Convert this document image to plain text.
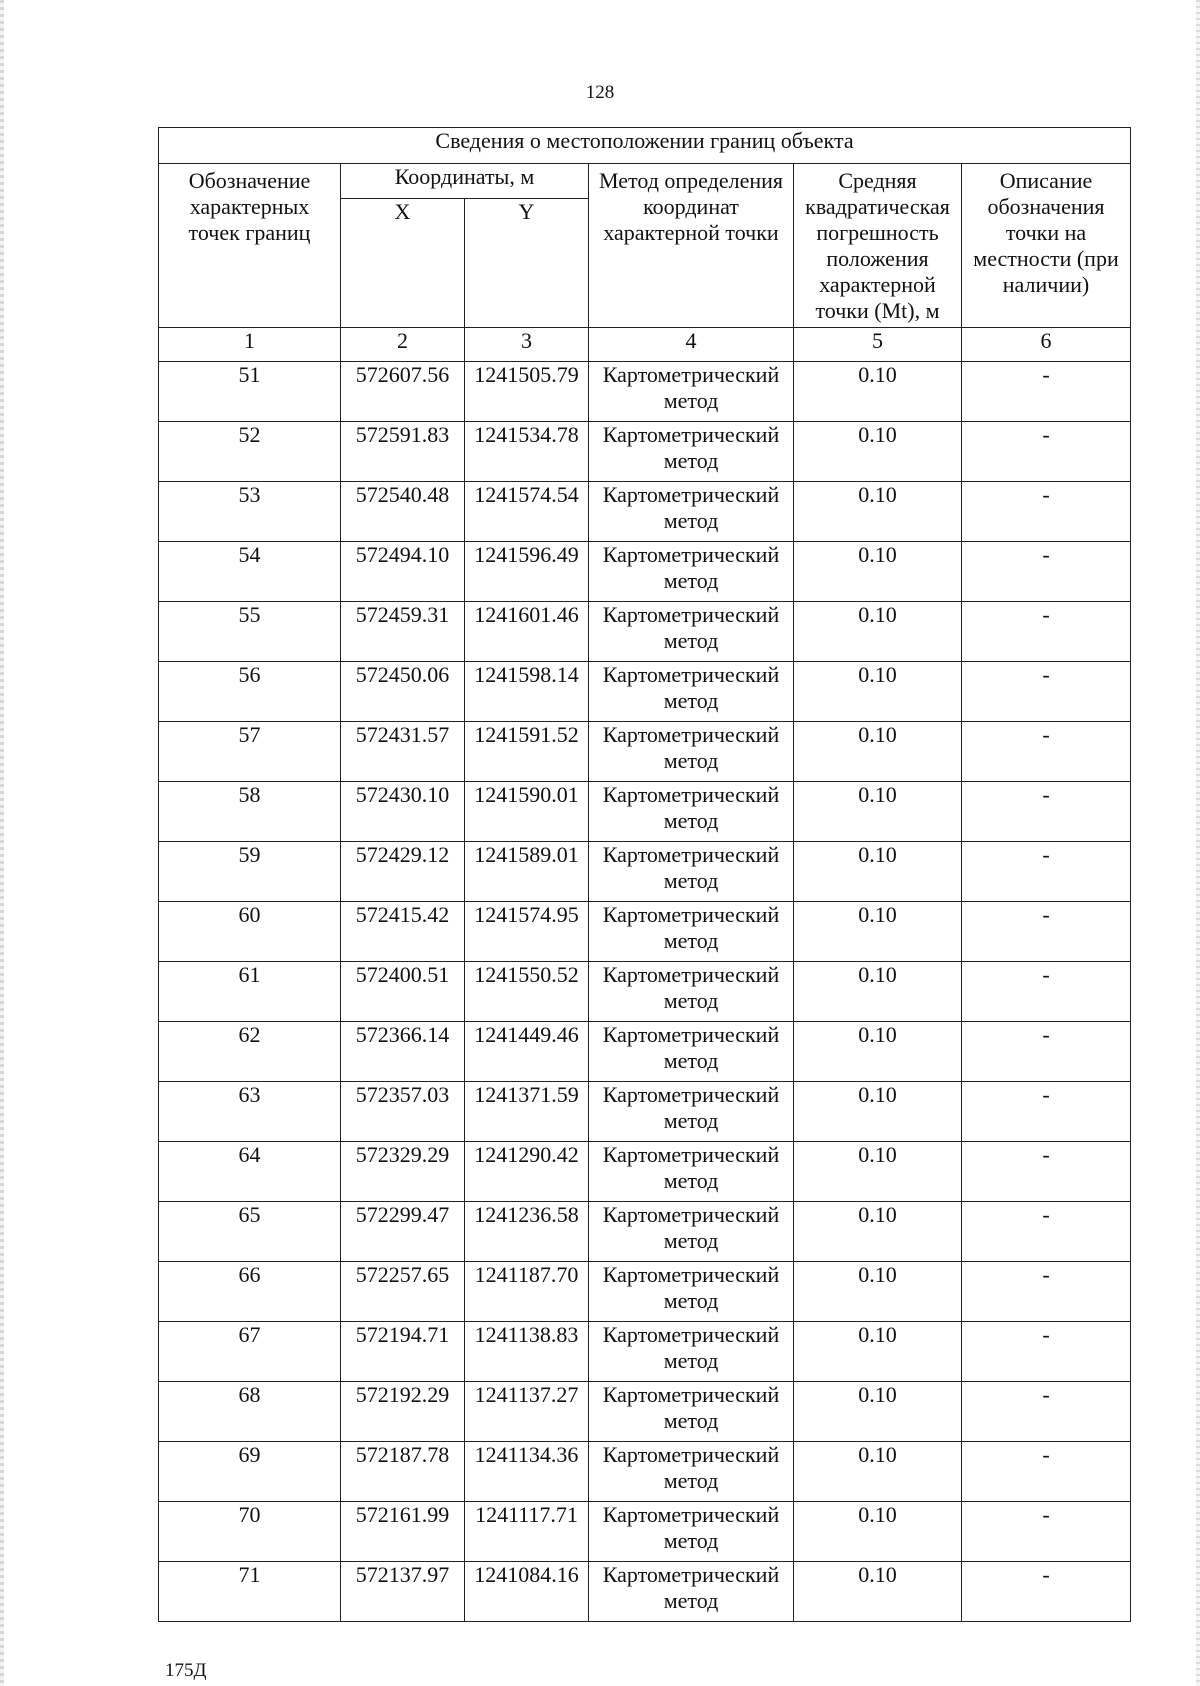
128
Сведения о местоположении границ объекта					
Обозначение характерных точек границ	Координаты, м		Метод определения координат характерной точки	Средняя квадратическая погрешность положения характерной точки (Mt), м	Описание обозначения точки на местности (при наличии)
	X	Y			
1	2	3	4	5	6
51	572607.56	1241505.79	Картометрический метод	0.10	-
52	572591.83	1241534.78	Картометрический метод	0.10	-
53	572540.48	1241574.54	Картометрический метод	0.10	-
54	572494.10	1241596.49	Картометрический метод	0.10	-
55	572459.31	1241601.46	Картометрический метод	0.10	-
56	572450.06	1241598.14	Картометрический метод	0.10	-
57	572431.57	1241591.52	Картометрический метод	0.10	-
58	572430.10	1241590.01	Картометрический метод	0.10	-
59	572429.12	1241589.01	Картометрический метод	0.10	-
60	572415.42	1241574.95	Картометрический метод	0.10	-
61	572400.51	1241550.52	Картометрический метод	0.10	-
62	572366.14	1241449.46	Картометрический метод	0.10	-
63	572357.03	1241371.59	Картометрический метод	0.10	-
64	572329.29	1241290.42	Картометрический метод	0.10	-
65	572299.47	1241236.58	Картометрический метод	0.10	-
66	572257.65	1241187.70	Картометрический метод	0.10	-
67	572194.71	1241138.83	Картометрический метод	0.10	-
68	572192.29	1241137.27	Картометрический метод	0.10	-
69	572187.78	1241134.36	Картометрический метод	0.10	-
70	572161.99	1241117.71	Картометрический метод	0.10	-
71	572137.97	1241084.16	Картометрический метод	0.10	-
175Д
